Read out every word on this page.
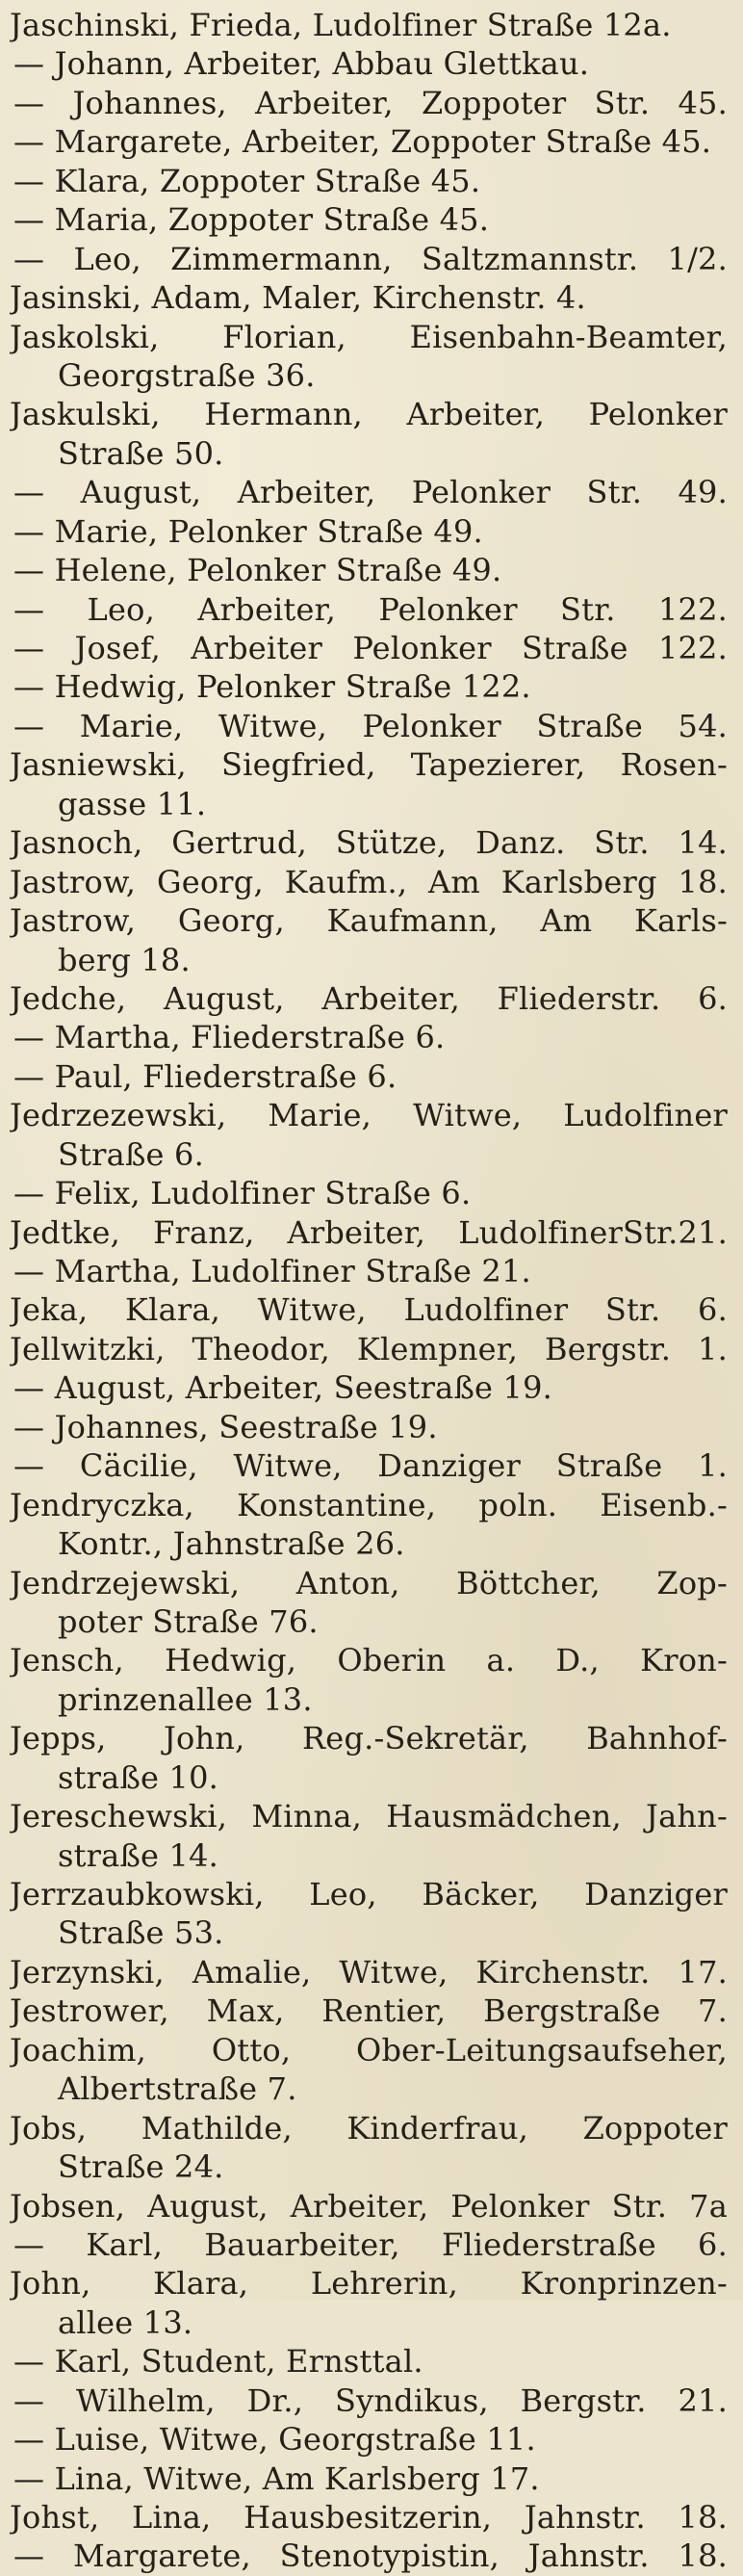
Jaschinski, Frieda, Ludolfiner Straße 12a.
— Johann, Arbeiter, Abbau Glettkau.
— Johannes, Arbeiter, Zoppoter Str. 45.
— Margarete, Arbeiter, Zoppoter Straße 45.
— Klara, Zoppoter Straße 45.
— Maria, Zoppoter Straße 45.
— Leo, Zimmermann, Saltzmannstr. 1/2.
Jasinski, Adam, Maler, Kirchenstr. 4.
Jaskolski, Florian, Eisenbahn-Beamter,
Georgstraße 36.
Jaskulski, Hermann, Arbeiter, Pelonker
Straße 50.
— August, Arbeiter, Pelonker Str. 49.
— Marie, Pelonker Straße 49.
— Helene, Pelonker Straße 49.
— Leo, Arbeiter, Pelonker Str. 122.
— Josef, Arbeiter Pelonker Straße 122.
— Hedwig, Pelonker Straße 122.
— Marie, Witwe, Pelonker Straße 54.
Jasniewski, Siegfried, Tapezierer, Rosen-
gasse 11.
Jasnoch, Gertrud, Stütze, Danz. Str. 14.
Jastrow, Georg, Kaufm., Am Karlsberg 18.
Jastrow, Georg, Kaufmann, Am Karls-
berg 18.
Jedche, August, Arbeiter, Fliederstr. 6.
— Martha, Fliederstraße 6.
— Paul, Fliederstraße 6.
Jedrzezewski, Marie, Witwe, Ludolfiner
Straße 6.
— Felix, Ludolfiner Straße 6.
Jedtke, Franz, Arbeiter, LudolfinerStr.21.
— Martha, Ludolfiner Straße 21.
Jeka, Klara, Witwe, Ludolfiner Str. 6.
Jellwitzki, Theodor, Klempner, Bergstr. 1.
— August, Arbeiter, Seestraße 19.
— Johannes, Seestraße 19.
— Cäcilie, Witwe, Danziger Straße 1.
Jendryczka, Konstantine, poln. Eisenb.-
Kontr., Jahnstraße 26.
Jendrzejewski, Anton, Böttcher, Zop-
poter Straße 76.
Jensch, Hedwig, Oberin a. D., Kron-
prinzenallee 13.
Jepps, John, Reg.-Sekretär, Bahnhof-
straße 10.
Jereschewski, Minna, Hausmädchen, Jahn-
straße 14.
Jerrzaubkowski, Leo, Bäcker, Danziger
Straße 53.
Jerzynski, Amalie, Witwe, Kirchenstr. 17.
Jestrower, Max, Rentier, Bergstraße 7.
Joachim, Otto, Ober-Leitungsaufseher,
Albertstraße 7.
Jobs, Mathilde, Kinderfrau, Zoppoter
Straße 24.
Jobsen, August, Arbeiter, Pelonker Str. 7a
— Karl, Bauarbeiter, Fliederstraße 6.
John, Klara, Lehrerin, Kronprinzen-
allee 13.
— Karl, Student, Ernsttal.
— Wilhelm, Dr., Syndikus, Bergstr. 21.
— Luise, Witwe, Georgstraße 11.
— Lina, Witwe, Am Karlsberg 17.
Johst, Lina, Hausbesitzerin, Jahnstr. 18.
— Margarete, Stenotypistin, Jahnstr. 18.
